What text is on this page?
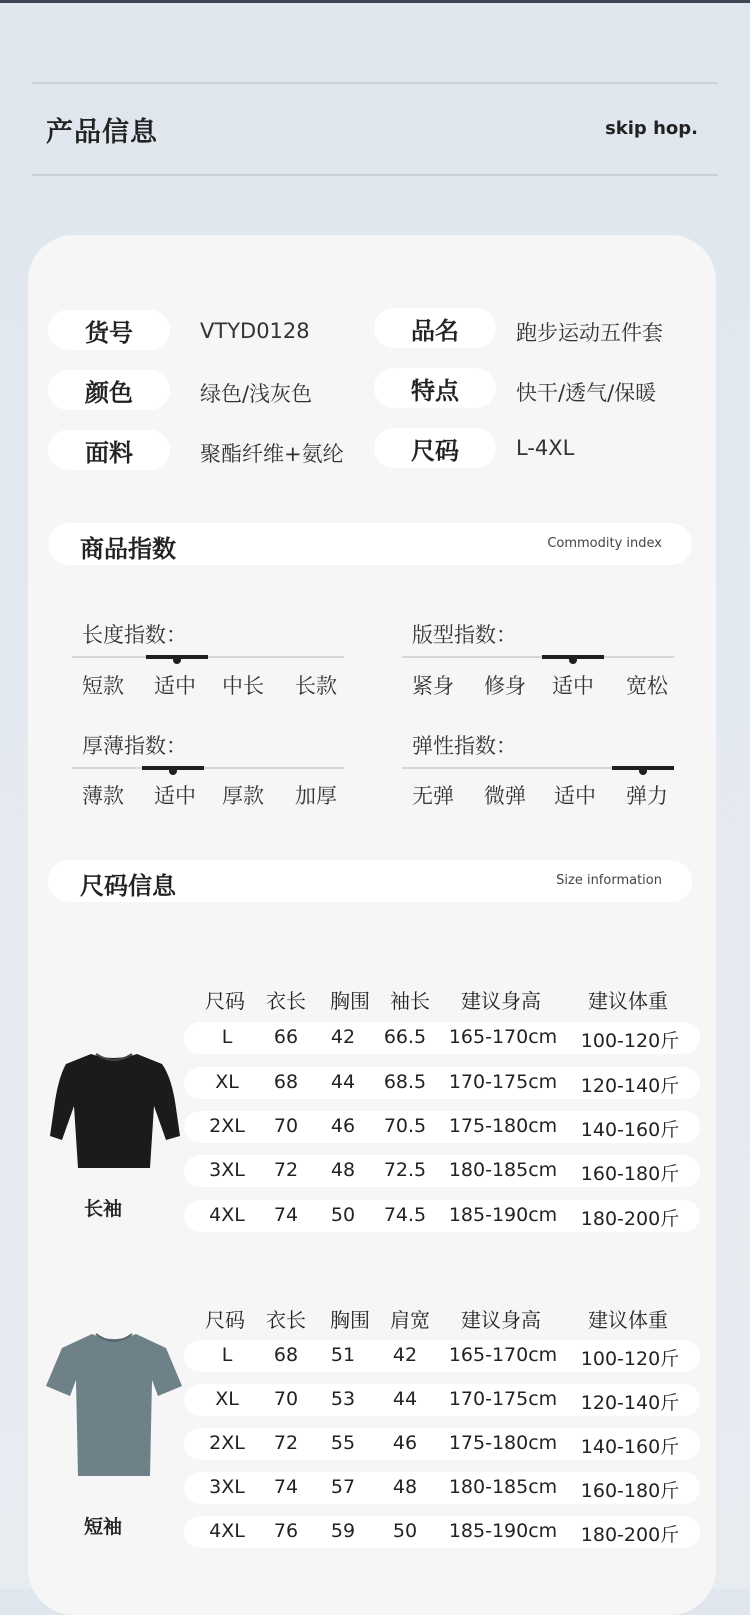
产品信息	skip hop.
货号	VTYD0128	品名	跑步运动五件套
颜色	绿色/浅灰色	特点	快干/透气/保暖
面料	聚酯纤维+氨纶	尺码	L-4XL
商品指数	Commodity index
长度指数：
短款 适中 中长 长款
版型指数：
紧身 修身 适中 宽松
厚薄指数：
薄款 适中 厚款 加厚
弹性指数：
无弹 微弹 适中 弹力
尺码信息	Size information
长袖
尺码 衣长 胸围 袖长 建议身高 建议体重
L	66	42	66.5	165-170cm	100-120斤
XL	68	44	68.5	170-175cm	120-140斤
2XL	70	46	70.5	175-180cm	140-160斤
3XL	72	48	72.5	180-185cm	160-180斤
4XL	74	50	74.5	185-190cm	180-200斤
短袖
尺码 衣长 胸围 肩宽 建议身高 建议体重
L	68	51	42	165-170cm	100-120斤
XL	70	53	44	170-175cm	120-140斤
2XL	72	55	46	175-180cm	140-160斤
3XL	74	57	48	180-185cm	160-180斤
4XL	76	59	50	185-190cm	180-200斤
